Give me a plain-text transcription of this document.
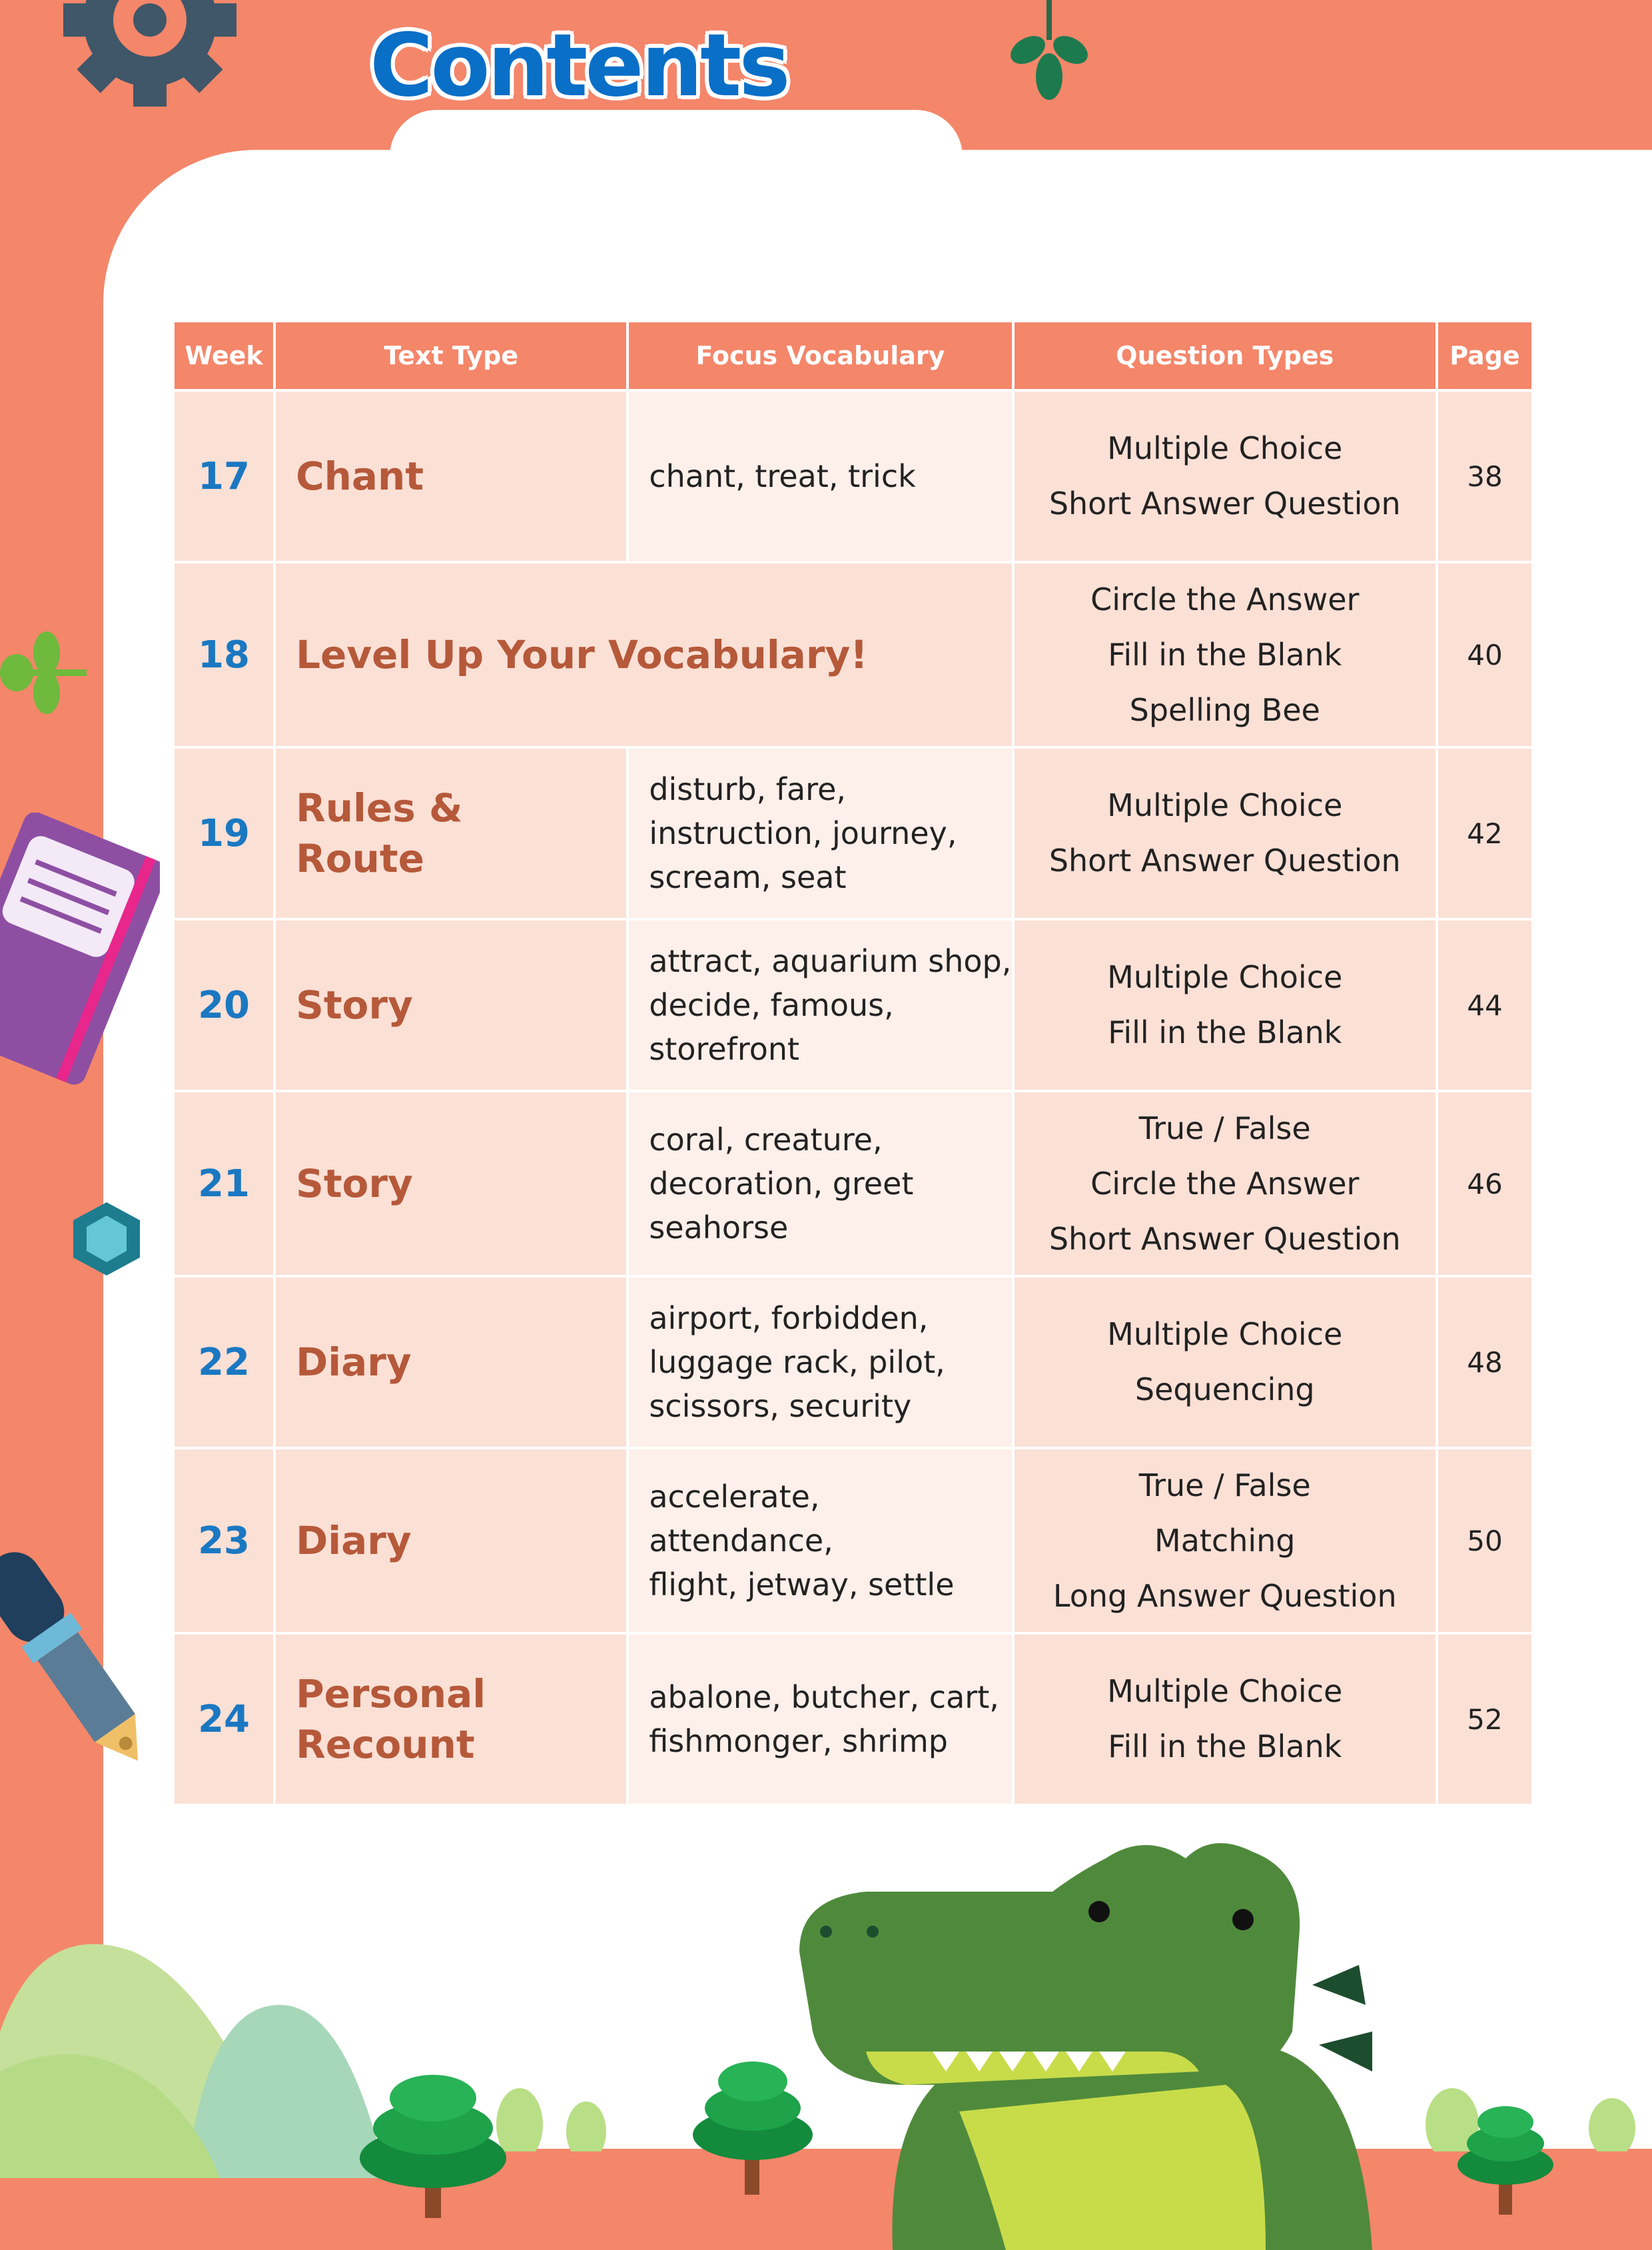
Contents
Week	Text Type	Focus Vocabulary	Question Types	Page
17	Chant	chant, treat, trick	Multiple Choice
Short Answer Question	38
18	Level Up Your Vocabulary!		Circle the Answer
Fill in the Blank
Spelling Bee	40
19	Rules &
Route	disturb, fare,
instruction, journey,
scream, seat	Multiple Choice
Short Answer Question	42
20	Story	attract, aquarium shop,
decide, famous,
storefront	Multiple Choice
Fill in the Blank	44
21	Story	coral, creature,
decoration, greet
seahorse	True / False
Circle the Answer
Short Answer Question	46
22	Diary	airport, forbidden,
luggage rack, pilot,
scissors, security	Multiple Choice
Sequencing	48
23	Diary	accelerate, attendance,
flight, jetway, settle	True / False
Matching
Long Answer Question	50
24	Personal
Recount	abalone, butcher, cart,
fishmonger, shrimp	Multiple Choice
Fill in the Blank	52
